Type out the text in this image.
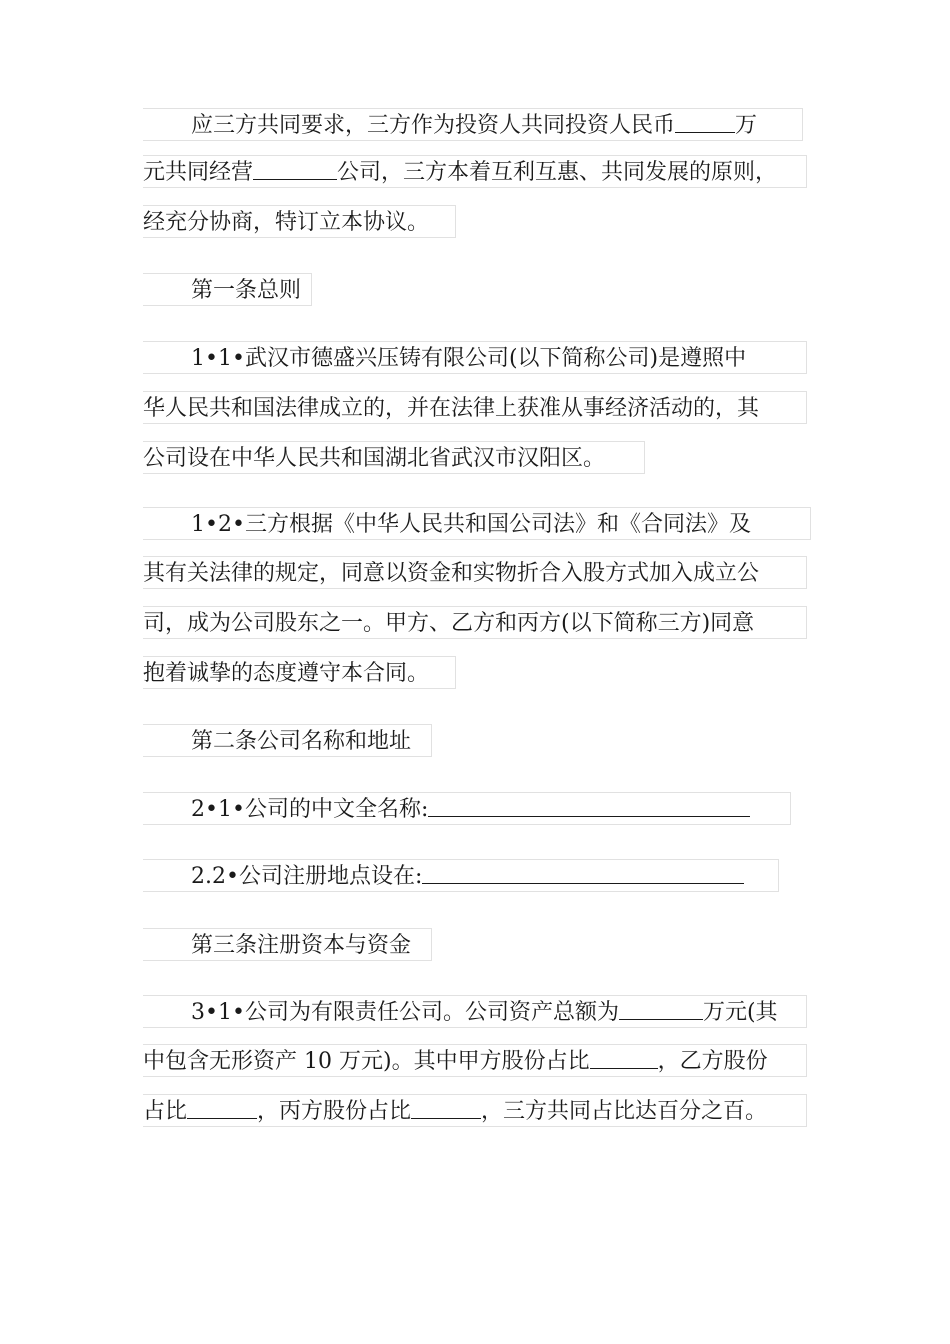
应三方共同要求，三方作为投资人共同投资人民币	万
元共同经营	公司，三方本着互利互惠、共同发展的原则，
经充分协商，特订立本协议。
第一条总则
1•1•武汉市德盛兴压铸有限公司(以下简称公司)是遵照中
华人民共和国法律成立的，并在法律上获准从事经济活动的，其
公司设在中华人民共和国湖北省武汉市汉阳区。
1•2•三方根据《中华人民共和国公司法》和《合同法》及
其有关法律的规定，同意以资金和实物折合入股方式加入成立公
司，成为公司股东之一。甲方、乙方和丙方(以下简称三方)同意
抱着诚挚的态度遵守本合同。
第二条公司名称和地址
2•1•公司的中文全名称:
2.2•公司注册地点设在:
第三条注册资本与资金
3•1•公司为有限责任公司。公司资产总额为	万元(其
中包含无形资产 10 万元)。其中甲方股份占比	，乙方股份
占比	，丙方股份占比	，三方共同占比达百分之百。
